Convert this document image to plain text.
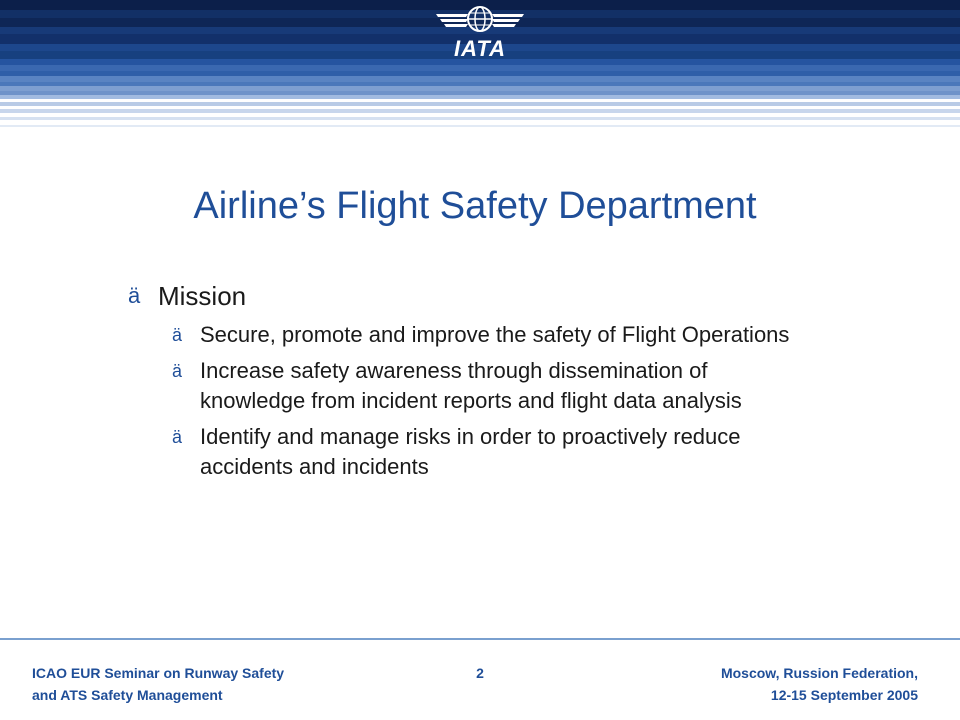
IATA
Airline’s Flight Safety Department
ä Mission
ä Secure, promote and improve the safety of Flight Operations
ä Increase safety awareness through dissemination of knowledge from incident reports and flight data analysis
ä Identify and manage risks in order to proactively reduce accidents and incidents
ICAO EUR Seminar on Runway Safety
and ATS Safety Management
2	Moscow, Russion Federation,
12-15 September 2005
